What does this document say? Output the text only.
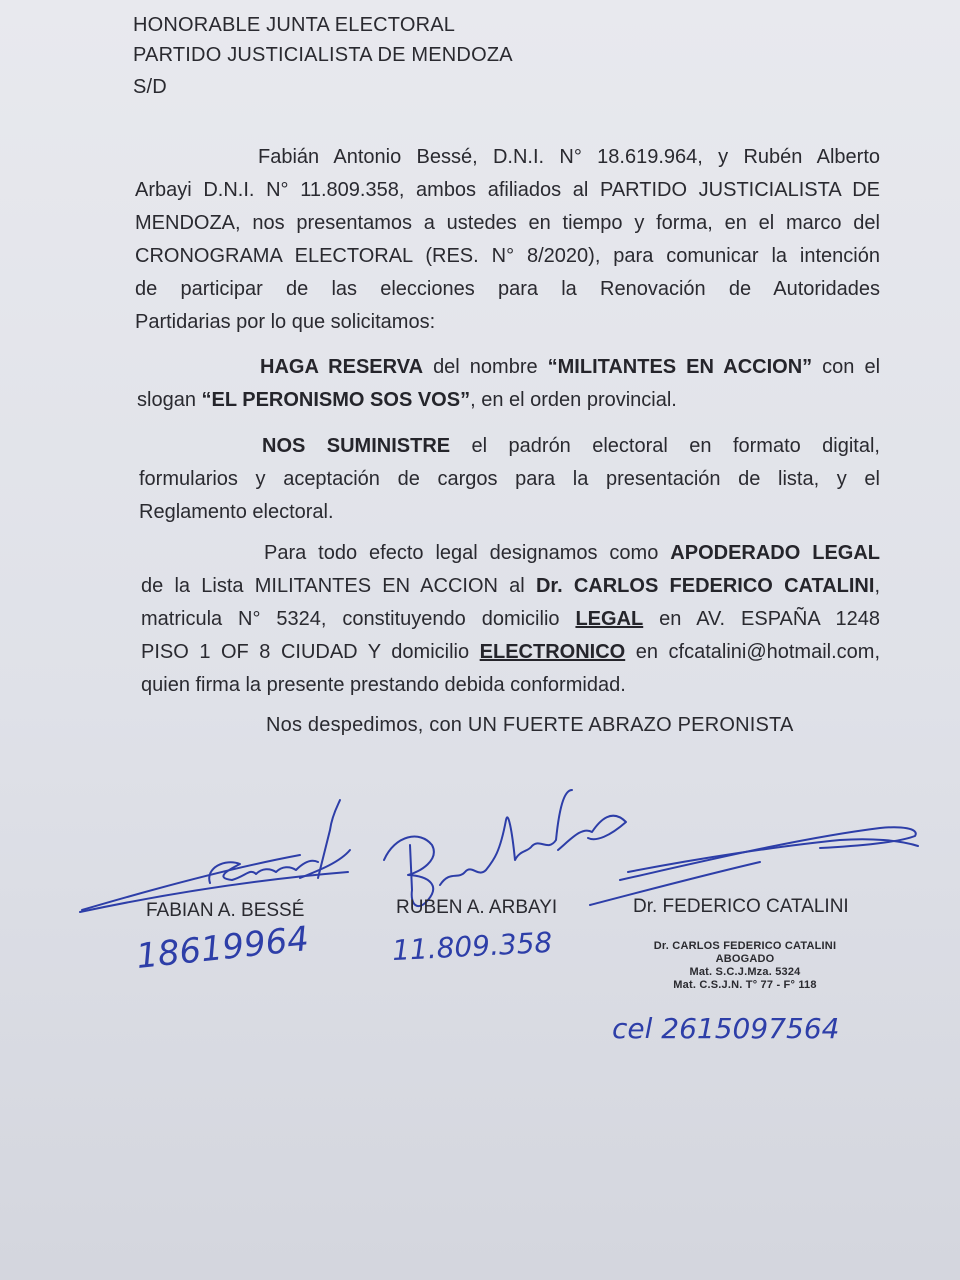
HONORABLE JUNTA ELECTORAL
PARTIDO JUSTICIALISTA DE MENDOZA
S/D
Fabián Antonio Bessé, D.N.I. N° 18.619.964, y Rubén Alberto
Arbayi D.N.I. N° 11.809.358, ambos afiliados al PARTIDO JUSTICIALISTA DE
MENDOZA, nos presentamos a ustedes en tiempo y forma, en el marco del
CRONOGRAMA ELECTORAL (RES. N° 8/2020), para comunicar la intención
de participar de las elecciones para la Renovación de Autoridades
Partidarias por lo que solicitamos:
HAGA RESERVA del nombre “MILITANTES EN ACCION” con el
slogan “EL PERONISMO SOS VOS”, en el orden provincial.
NOS SUMINISTRE el padrón electoral en formato digital,
formularios y aceptación de cargos para la presentación de lista, y el
Reglamento electoral.
Para todo efecto legal designamos como APODERADO LEGAL
de la Lista MILITANTES EN ACCION al Dr. CARLOS FEDERICO CATALINI,
matricula N° 5324, constituyendo domicilio LEGAL en AV. ESPAÑA 1248
PISO 1 OF 8 CIUDAD Y domicilio ELECTRONICO en cfcatalini@hotmail.com,
quien firma la presente prestando debida conformidad.
Nos despedimos, con UN FUERTE ABRAZO PERONISTA
FABIAN A. BESSÉ	RUBEN A. ARBAYI	Dr. FEDERICO CATALINI
18619964	11.809.358	Dr. CARLOS FEDERICO CATALINI
ABOGADO
Mat. S.C.J.Mza. 5324
Mat. C.S.J.N. T° 77 - F° 118
cel 2615097564
